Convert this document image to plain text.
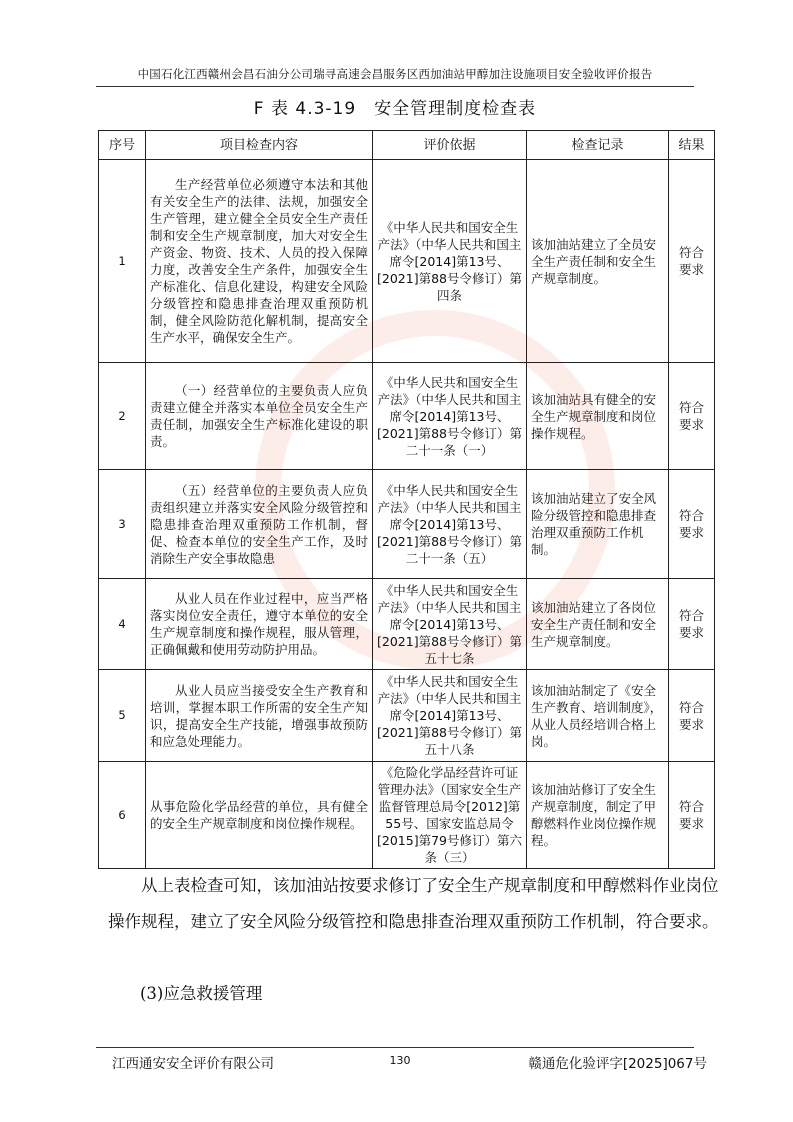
中国石化江西赣州会昌石油分公司瑞寻高速会昌服务区西加油站甲醇加注设施项目安全验收评价报告
F 表 4.3-19　安全管理制度检查表
序号	项目检查内容	评价依据	检查记录	结果
1	生产经营单位必须遵守本法和其他有关安全生产的法律、法规，加强安全生产管理，建立健全全员安全生产责任制和安全生产规章制度，加大对安全生产资金、物资、技术、人员的投入保障力度，改善安全生产条件，加强安全生产标准化、信息化建设，构建安全风险分级管控和隐患排查治理双重预防机制，健全风险防范化解机制，提高安全生产水平，确保安全生产。	《中华人民共和国安全生产法》（中华人民共和国主席令[2014]第13号、[2021]第88号令修订）第四条	该加油站建立了全员安全生产责任制和安全生产规章制度。	符合要求
2	（一）经营单位的主要负责人应负责建立健全并落实本单位全员安全生产责任制，加强安全生产标准化建设的职责。	《中华人民共和国安全生产法》（中华人民共和国主席令[2014]第13号、[2021]第88号令修订）第二十一条（一）	该加油站具有健全的安全生产规章制度和岗位操作规程。	符合要求
3	（五）经营单位的主要负责人应负责组织建立并落实安全风险分级管控和隐患排查治理双重预防工作机制，督促、检查本单位的安全生产工作，及时消除生产安全事故隐患	《中华人民共和国安全生产法》（中华人民共和国主席令[2014]第13号、[2021]第88号令修订）第二十一条（五）	该加油站建立了安全风险分级管控和隐患排查治理双重预防工作机制。	符合要求
4	从业人员在作业过程中，应当严格落实岗位安全责任，遵守本单位的安全生产规章制度和操作规程，服从管理，正确佩戴和使用劳动防护用品。	《中华人民共和国安全生产法》（中华人民共和国主席令[2014]第13号、[2021]第88号令修订）第五十七条	该加油站建立了各岗位安全生产责任制和安全生产规章制度。	符合要求
5	从业人员应当接受安全生产教育和培训，掌握本职工作所需的安全生产知识，提高安全生产技能，增强事故预防和应急处理能力。	《中华人民共和国安全生产法》（中华人民共和国主席令[2014]第13号、[2021]第88号令修订）第五十八条	该加油站制定了《安全生产教育、培训制度》，从业人员经培训合格上岗。	符合要求
6	从事危险化学品经营的单位，具有健全的安全生产规章制度和岗位操作规程。	《危险化学品经营许可证管理办法》（国家安全生产监督管理总局令[2012]第55号、国家安监总局令[2015]第79号修订）第六条（三）	该加油站修订了安全生产规章制度，制定了甲醇燃料作业岗位操作规程。	符合要求
从上表检查可知，该加油站按要求修订了安全生产规章制度和甲醇燃料作业岗位操作规程，建立了安全风险分级管控和隐患排查治理双重预防工作机制，符合要求。
(3)应急救援管理
江西通安安全评价有限公司	130	赣通危化验评字[2025]067号
